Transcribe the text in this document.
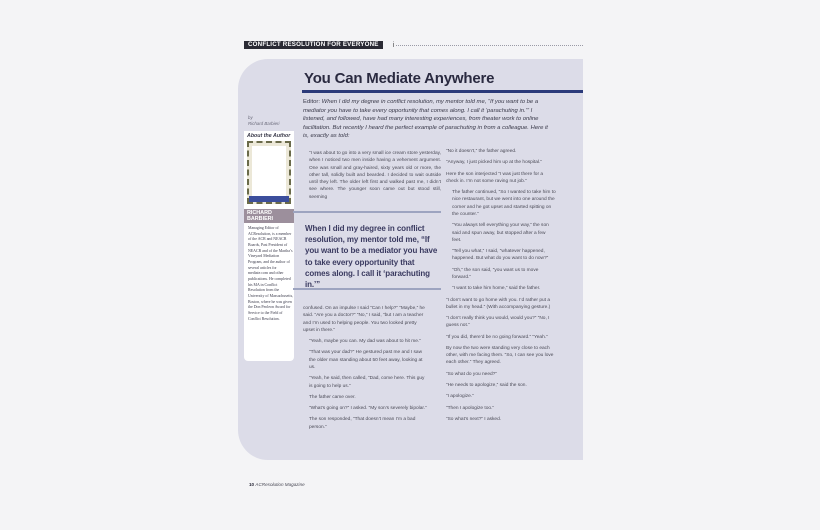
CONFLICT RESOLUTION FOR EVERYONE	i
You Can Mediate Anywhere
Editor: When I did my degree in conflict resolution, my mentor told me, “If you want to be a mediator you have to take every opportunity that comes along. I call it ‘parachuting in.’” I listened, and followed, have had many interesting experiences, from theater work to online facilitation. But recently I heard the perfect example of parachuting in from a colleague. Here it is, exactly as told:
by
Richard Barbieri
About the Author
RICHARD BARBIERI
Managing Editor of ACResolution, is a member of the ACR and NEACR Boards, Past President of NEACR and of the Martha’s Vineyard Mediation Program, and the author of several articles for mediate.com and other publications. He completed his MA in Conflict Resolution from the University of Massachusetts, Boston, where he was given the Don Peoleon Award for Service to the Field of Conflict Resolution.

“I was about to go into a very small ice cream store yesterday, when I noticed two men inside having a vehement argument. One was small and gray-haired, sixty years old or more, the other tall, solidly built and bearded. I decided to wait outside until they left. The older left first and walked past me, I didn’t see where. The younger soon came out but stood still, seeming

When I did my degree in conflict resolution, my mentor told me, “If you want to be a mediator you have to take every opportunity that comes along. I call it ‘parachuting in.’”

confused. On an impulse I said “Can I help?” “Maybe,” he said. “Are you a doctor?” “No,” I said, “but I am a teacher and I’m used to helping people. You two looked pretty upset in there.”

“Yeah, maybe you can. My dad was about to hit me.”

“That was your dad?” He gestured past me and I saw the older man standing about 50 feet away, looking at us.

“Yeah, he said, then called, “Dad, come here. This guy is going to help us.”

The father came over.

“What’s going on?” I asked. “My son’s severely bipolar.”

The son responded, “That doesn’t mean I’m a bad person.”

“No it doesn’t,” the father agreed.

“Anyway, I just picked him up at the hospital.”

Here the son interjected “I was just there for a check in. I’m not some raving nut job.”

The father continued, “So I wanted to take him to nice restaurant, but we went into one around the corner and he got upset and started spitting on the counter.”

“You always tell everything your way,” the son said and spun away, but stopped after a few feet.

“Tell you what,” I said, “whatever happened, happened. But what do you want to do now?”

“Oh,” the son said, “you want us to move forward.”

“I want to take him home,” said the father.

“I don’t want to go home with you. I’d rather put a bullet in my head.” (With accompanying gesture.)

“I don’t really think you would, would you?” “No, I guess not.”

“If you did, there’d be no going forward.” “Yeah.”

By now the two were standing very close to each other, with me facing them. “So, I can see you love each other.” They agreed.

“So what do you need?”

“He needs to apologize,” said the son.

“I apologize.”

“Then I apologize too.”

“So what’s next?” I asked.

10 ACResolution Magazine
